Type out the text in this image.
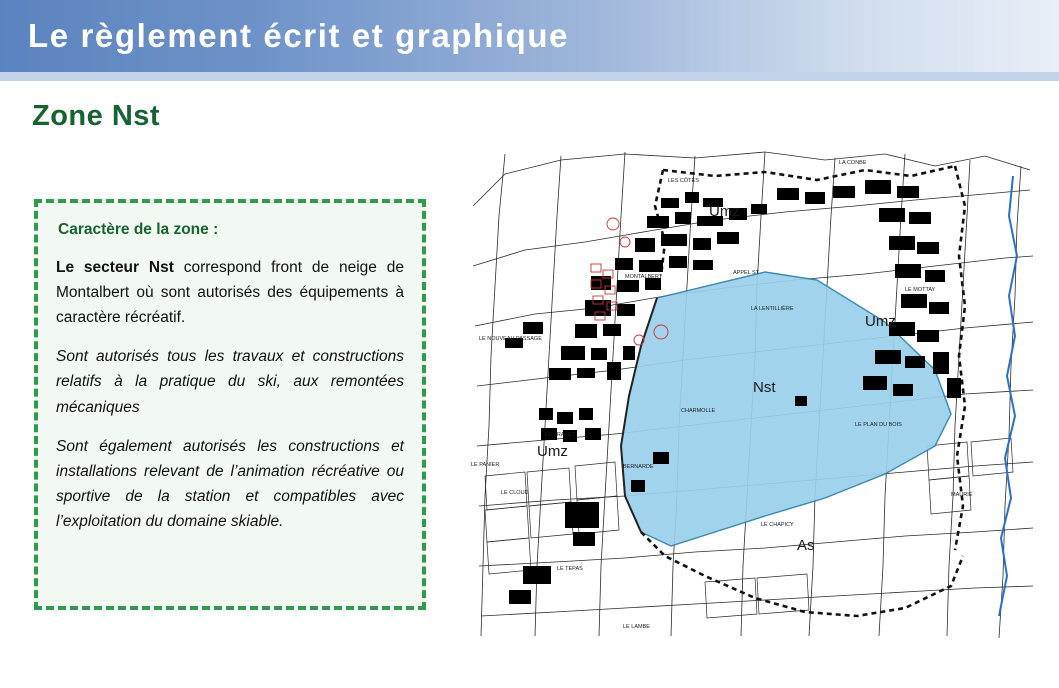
Le règlement écrit et graphique
Zone Nst
Caractère de la zone :

Le secteur Nst correspond front de neige de Montalbert où sont autorisés des équipements à caractère récréatif.

Sont autorisés tous les travaux et constructions relatifs à la pratique du ski, aux remontées mécaniques

Sont également autorisés les constructions et installations relevant de l’animation récréative ou sportive de la station et compatibles avec l’exploitation du domaine skiable.

Umz
Umz
Umz
Nst
As
LA CONBE
LES CÔTES
MONTALBERT
APPEL ST
LE MOTTAY
LA LENTILLIÈRE
LE NOUVEAU PASSAGE
CHARMOLLE
LE PLAN DU BOIS
LE BRAVET
LE PANIER	BERNARDE
LE CLOUD	MAURIE
LE CHAPICY
LE TEPAS
LE LAMBE
